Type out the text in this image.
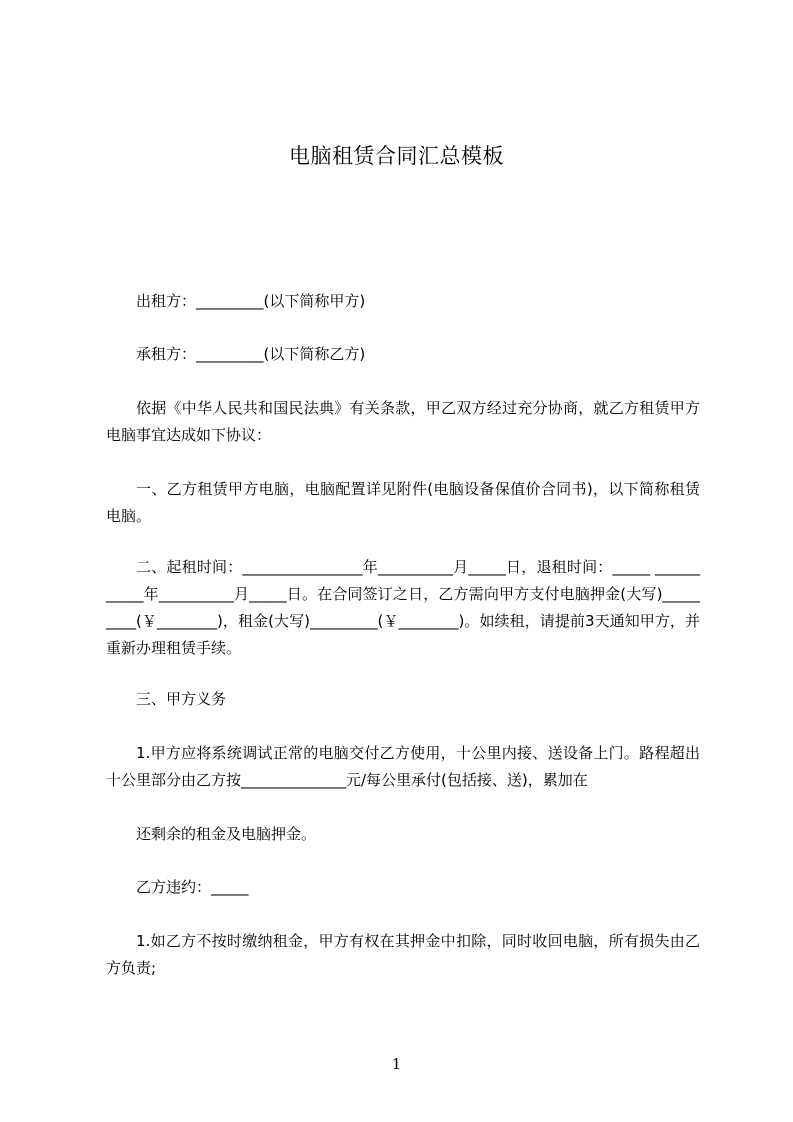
电脑租赁合同汇总模板
出租方：_________(以下简称甲方)
承租方：_________(以下简称乙方)
依据《中华人民共和国民法典》有关条款，甲乙双方经过充分协商，就乙方租赁甲方电脑事宜达成如下协议：
一、乙方租赁甲方电脑，电脑配置详见附件(电脑设备保值价合同书)，以下简称租赁电脑。
二、起租时间：________________年__________月_____日，退租时间：_____ ___________年__________月_____日。在合同签订之日，乙方需向甲方支付电脑押金(大写)_________(￥________)，租金(大写)_________(￥________)。如续租，请提前3天通知甲方，并重新办理租赁手续。
三、甲方义务
1.甲方应将系统调试正常的电脑交付乙方使用，十公里内接、送设备上门。路程超出十公里部分由乙方按______________元/每公里承付(包括接、送)，累加在
还剩余的租金及电脑押金。
乙方违约：_____
1.如乙方不按时缴纳租金，甲方有权在其押金中扣除，同时收回电脑，所有损失由乙方负责;
1
